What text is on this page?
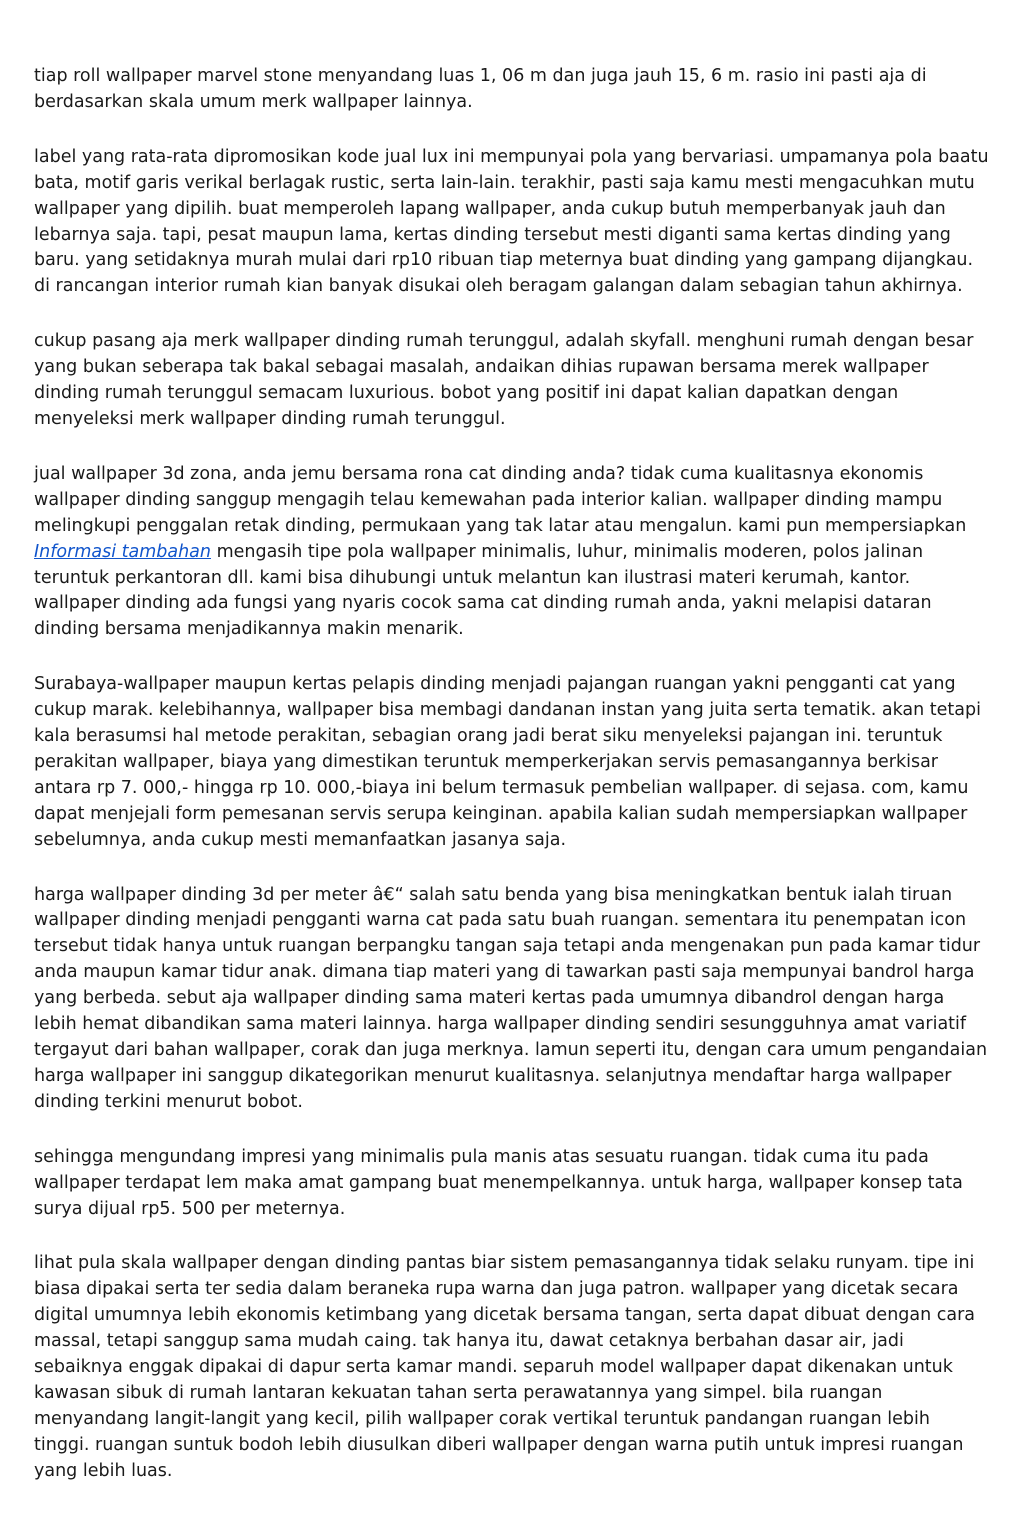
tiap roll wallpaper marvel stone menyandang luas 1, 06 m dan juga jauh 15, 6 m. rasio ini pasti aja di berdasarkan skala umum merk wallpaper lainnya.

label yang rata-rata dipromosikan kode jual lux ini mempunyai pola yang bervariasi. umpamanya pola baatu bata, motif garis verikal berlagak rustic, serta lain-lain. terakhir, pasti saja kamu mesti mengacuhkan mutu wallpaper yang dipilih. buat memperoleh lapang wallpaper, anda cukup butuh memperbanyak jauh dan lebarnya saja. tapi, pesat maupun lama, kertas dinding tersebut mesti diganti sama kertas dinding yang baru. yang setidaknya murah mulai dari rp10 ribuan tiap meternya buat dinding yang gampang dijangkau. di rancangan interior rumah kian banyak disukai oleh beragam galangan dalam sebagian tahun akhirnya.

cukup pasang aja merk wallpaper dinding rumah terunggul, adalah skyfall. menghuni rumah dengan besar yang bukan seberapa tak bakal sebagai masalah, andaikan dihias rupawan bersama merek wallpaper dinding rumah terunggul semacam luxurious. bobot yang positif ini dapat kalian dapatkan dengan menyeleksi merk wallpaper dinding rumah terunggul.

jual wallpaper 3d zona, anda jemu bersama rona cat dinding anda? tidak cuma kualitasnya ekonomis wallpaper dinding sanggup mengagih telau kemewahan pada interior kalian. wallpaper dinding mampu melingkupi penggalan retak dinding, permukaan yang tak latar atau mengalun. kami pun mempersiapkan Informasi tambahan mengasih tipe pola wallpaper minimalis, luhur, minimalis moderen, polos jalinan teruntuk perkantoran dll. kami bisa dihubungi untuk melantun kan ilustrasi materi kerumah, kantor. wallpaper dinding ada fungsi yang nyaris cocok sama cat dinding rumah anda, yakni melapisi dataran dinding bersama menjadikannya makin menarik.

Surabaya-wallpaper maupun kertas pelapis dinding menjadi pajangan ruangan yakni pengganti cat yang cukup marak. kelebihannya, wallpaper bisa membagi dandanan instan yang juita serta tematik. akan tetapi kala berasumsi hal metode perakitan, sebagian orang jadi berat siku menyeleksi pajangan ini. teruntuk perakitan wallpaper, biaya yang dimestikan teruntuk memperkerjakan servis pemasangannya berkisar antara rp 7. 000,- hingga rp 10. 000,-biaya ini belum termasuk pembelian wallpaper. di sejasa. com, kamu dapat menjejali form pemesanan servis serupa keinginan. apabila kalian sudah mempersiapkan wallpaper sebelumnya, anda cukup mesti memanfaatkan jasanya saja.

harga wallpaper dinding 3d per meter â€“ salah satu benda yang bisa meningkatkan bentuk ialah tiruan wallpaper dinding menjadi pengganti warna cat pada satu buah ruangan. sementara itu penempatan icon tersebut tidak hanya untuk ruangan berpangku tangan saja tetapi anda mengenakan pun pada kamar tidur anda maupun kamar tidur anak. dimana tiap materi yang di tawarkan pasti saja mempunyai bandrol harga yang berbeda. sebut aja wallpaper dinding sama materi kertas pada umumnya dibandrol dengan harga lebih hemat dibandikan sama materi lainnya. harga wallpaper dinding sendiri sesungguhnya amat variatif tergayut dari bahan wallpaper, corak dan juga merknya. lamun seperti itu, dengan cara umum pengandaian harga wallpaper ini sanggup dikategorikan menurut kualitasnya. selanjutnya mendaftar harga wallpaper dinding terkini menurut bobot.

sehingga mengundang impresi yang minimalis pula manis atas sesuatu ruangan. tidak cuma itu pada wallpaper terdapat lem maka amat gampang buat menempelkannya. untuk harga, wallpaper konsep tata surya dijual rp5. 500 per meternya.

lihat pula skala wallpaper dengan dinding pantas biar sistem pemasangannya tidak selaku runyam. tipe ini biasa dipakai serta ter sedia dalam beraneka rupa warna dan juga patron. wallpaper yang dicetak secara digital umumnya lebih ekonomis ketimbang yang dicetak bersama tangan, serta dapat dibuat dengan cara massal, tetapi sanggup sama mudah caing. tak hanya itu, dawat cetaknya berbahan dasar air, jadi sebaiknya enggak dipakai di dapur serta kamar mandi. separuh model wallpaper dapat dikenakan untuk kawasan sibuk di rumah lantaran kekuatan tahan serta perawatannya yang simpel. bila ruangan menyandang langit-langit yang kecil, pilih wallpaper corak vertikal teruntuk pandangan ruangan lebih tinggi. ruangan suntuk bodoh lebih diusulkan diberi wallpaper dengan warna putih untuk impresi ruangan yang lebih luas.
